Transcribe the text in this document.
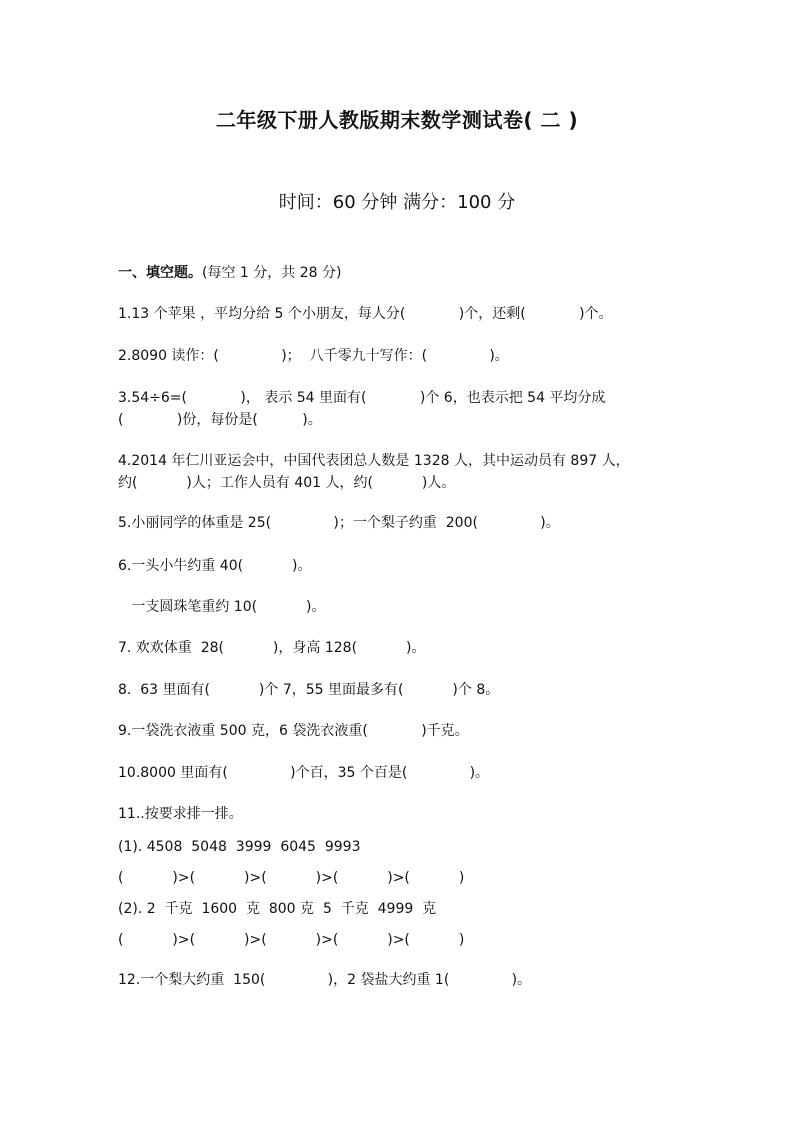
二年级下册人教版期末数学测试卷( 二 )
时间：60 分钟 满分：100 分
一、填空题。(每空 1 分，共 28 分)
1.13 个苹果 ，平均分给 5 个小朋友，每人分(            )个，还剩(            )个。
2.8090 读作：(              )；  八千零九十写作：(              )。
3.54÷6=(            )， 表示 54 里面有(            )个 6，也表示把 54 平均分成
(            )份，每份是(          )。
4.2014 年仁川亚运会中，中国代表团总人数是 1328 人，其中运动员有 897 人，
约(           )人；工作人员有 401 人，约(           )人。
5.小丽同学的体重是 25(              )；一个梨子约重  200(              )。
6.一头小牛约重 40(           )。
一支圆珠笔重约 10(           )。
7. 欢欢体重  28(           )，身高 128(           )。
8.  63 里面有(           )个 7，55 里面最多有(           )个 8。
9.一袋洗衣液重 500 克，6 袋洗衣液重(            )千克。
10.8000 里面有(              )个百，35 个百是(              )。
11..按要求排一排。
(1). 4508  5048  3999  6045  9993
(           )>(           )>(           )>(           )>(           )
(2). 2  千克  1600  克  800 克  5  千克  4999  克
(           )>(           )>(           )>(           )>(           )
12.一个梨大约重  150(              )，2 袋盐大约重 1(              )。
